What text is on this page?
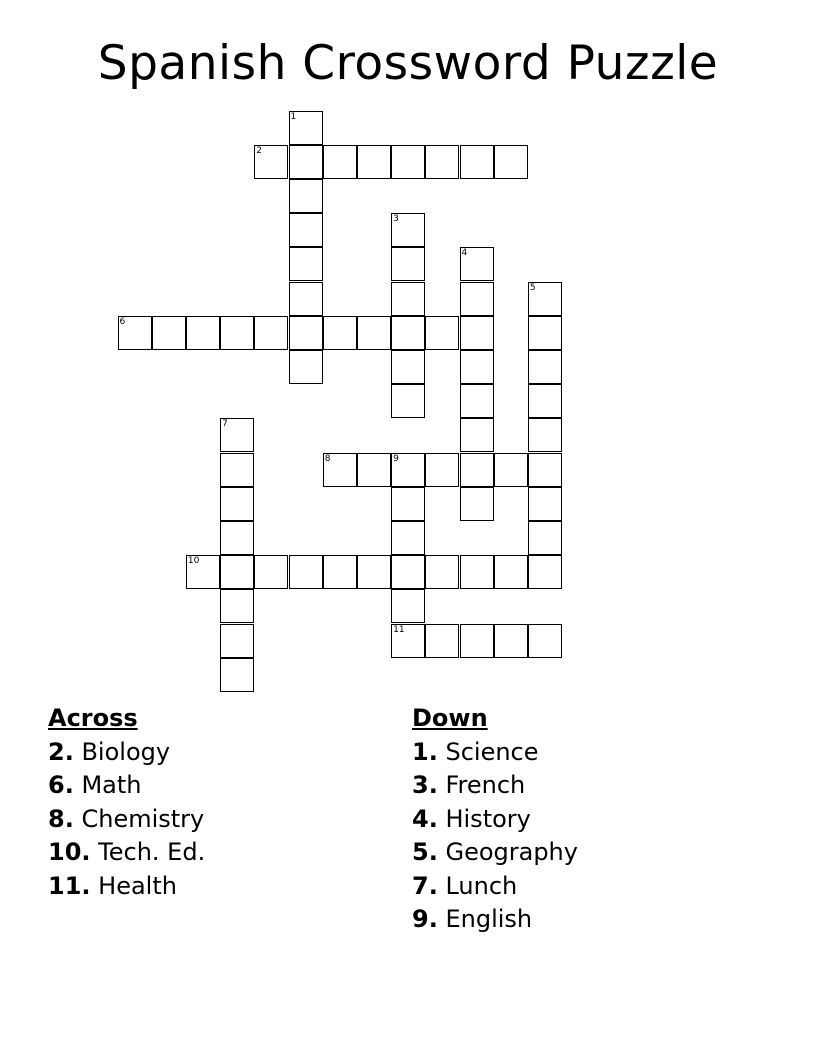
Spanish Crossword Puzzle
1
2
3
4
5
6
7
8	9
11
10
Across
2. Biology
6. Math
8. Chemistry
10. Tech. Ed.
11. Health
Down
1. Science
3. French
4. History
5. Geography
7. Lunch
9. English
